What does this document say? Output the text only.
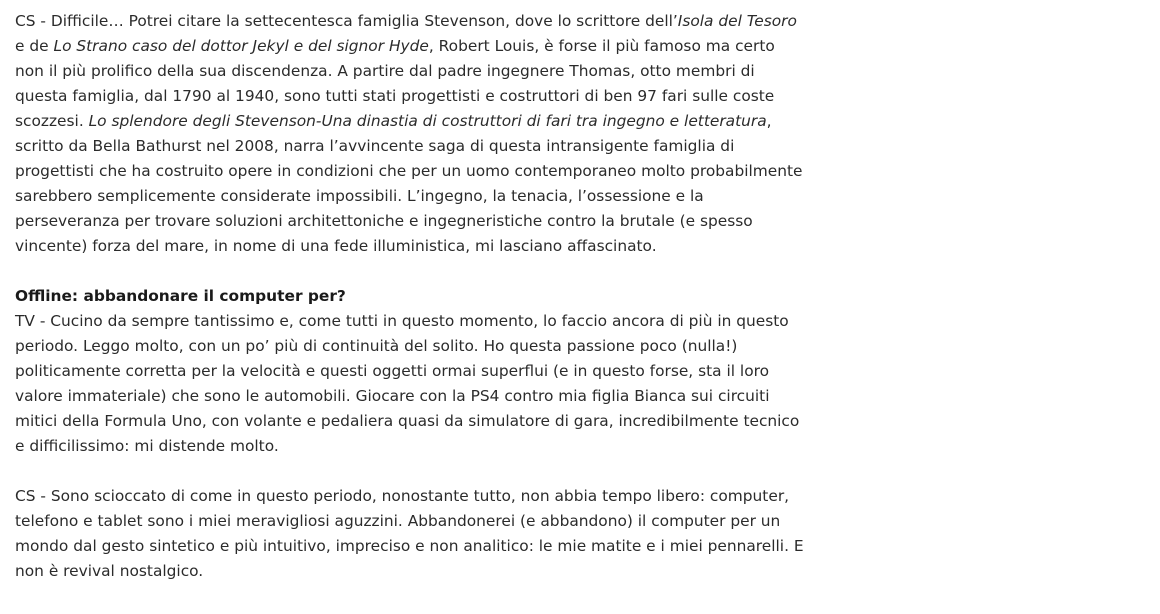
CS - Difficile… Potrei citare la settecentesca famiglia Stevenson, dove lo scrittore dell’Isola del Tesoro e de Lo Strano caso del dottor Jekyl e del signor Hyde, Robert Louis, è forse il più famoso ma certo non il più prolifico della sua discendenza. A partire dal padre ingegnere Thomas, otto membri di questa famiglia, dal 1790 al 1940, sono tutti stati progettisti e costruttori di ben 97 fari sulle coste scozzesi. Lo splendore degli Stevenson-Una dinastia di costruttori di fari tra ingegno e letteratura, scritto da Bella Bathurst nel 2008, narra l’avvincente saga di questa intransigente famiglia di progettisti che ha costruito opere in condizioni che per un uomo contemporaneo molto probabilmente sarebbero semplicemente considerate impossibili. L’ingegno, la tenacia, l’ossessione e la perseveranza per trovare soluzioni architettoniche e ingegneristiche contro la brutale (e spesso vincente) forza del mare, in nome di una fede illuministica, mi lasciano affascinato.

Offline: abbandonare il computer per?

TV - Cucino da sempre tantissimo e, come tutti in questo momento, lo faccio ancora di più in questo periodo. Leggo molto, con un po’ più di continuità del solito. Ho questa passione poco (nulla!) politicamente corretta per la velocità e questi oggetti ormai superflui (e in questo forse, sta il loro valore immateriale) che sono le automobili. Giocare con la PS4 contro mia figlia Bianca sui circuiti mitici della Formula Uno, con volante e pedaliera quasi da simulatore di gara, incredibilmente tecnico e difficilissimo: mi distende molto.

CS - Sono scioccato di come in questo periodo, nonostante tutto, non abbia tempo libero: computer, telefono e tablet sono i miei meravigliosi aguzzini. Abbandonerei (e abbandono) il computer per un mondo dal gesto sintetico e più intuitivo, impreciso e non analitico: le mie matite e i miei pennarelli. E non è revival nostalgico.
